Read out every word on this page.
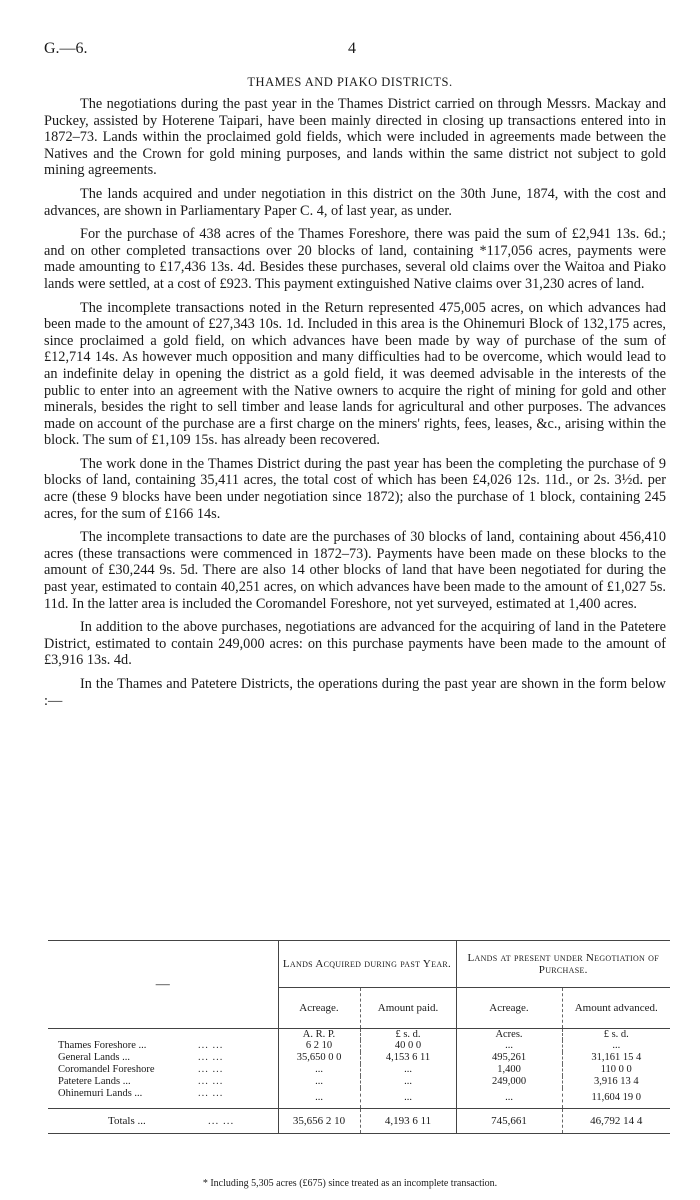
G.—6.	4
THAMES AND PIAKO DISTRICTS.

The negotiations during the past year in the Thames District carried on through Messrs. Mackay and Puckey, assisted by Hoterene Taipari, have been mainly directed in closing up transactions entered into in 1872–73. Lands within the proclaimed gold fields, which were included in agreements made between the Natives and the Crown for gold mining purposes, and lands within the same district not subject to gold mining agreements.

The lands acquired and under negotiation in this district on the 30th June, 1874, with the cost and advances, are shown in Parliamentary Paper C. 4, of last year, as under.

For the purchase of 438 acres of the Thames Foreshore, there was paid the sum of £2,941 13s. 6d.; and on other completed transactions over 20 blocks of land, containing *117,056 acres, payments were made amounting to £17,436 13s. 4d. Besides these purchases, several old claims over the Waitoa and Piako lands were settled, at a cost of £923. This payment extinguished Native claims over 31,230 acres of land.

The incomplete transactions noted in the Return represented 475,005 acres, on which advances had been made to the amount of £27,343 10s. 1d. Included in this area is the Ohinemuri Block of 132,175 acres, since proclaimed a gold field, on which advances have been made by way of purchase of the sum of £12,714 14s. As however much opposition and many difficulties had to be overcome, which would lead to an indefinite delay in opening the district as a gold field, it was deemed advisable in the interests of the public to enter into an agreement with the Native owners to acquire the right of mining for gold and other minerals, besides the right to sell timber and lease lands for agricultural and other purposes. The advances made on account of the purchase are a first charge on the miners' rights, fees, leases, &c., arising within the block. The sum of £1,109 15s. has already been recovered.

The work done in the Thames District during the past year has been the completing the purchase of 9 blocks of land, containing 35,411 acres, the total cost of which has been £4,026 12s. 11d., or 2s. 3½d. per acre (these 9 blocks have been under negotiation since 1872); also the purchase of 1 block, containing 245 acres, for the sum of £166 14s.

The incomplete transactions to date are the purchases of 30 blocks of land, containing about 456,410 acres (these transactions were commenced in 1872–73). Payments have been made on these blocks to the amount of £30,244 9s. 5d. There are also 14 other blocks of land that have been negotiated for during the past year, estimated to contain 40,251 acres, on which advances have been made to the amount of £1,027 5s. 11d. In the latter area is included the Coromandel Foreshore, not yet surveyed, estimated at 1,400 acres.

In addition to the above purchases, negotiations are advanced for the acquiring of land in the Patetere District, estimated to contain 249,000 acres: on this purchase payments have been made to the amount of £3,916 13s. 4d.

In the Thames and Patetere Districts, the operations during the past year are shown in the form below :—

—	Lands Acquired during past Year.		Lands at present under Negotiation of Purchase.	
	Acreage.	Amount paid.	Acreage.	Amount advanced.
	A. R. P.	£ s. d.	Acres.	£ s. d.
Thames Foreshore ... ... ...	6 2 10	40 0 0	...	...
General Lands ... ... ...	35,650 0 0	4,153 6 11	495,261	31,161 15 4
Coromandel Foreshore ... ...	...	...	1,400	110 0 0
Patetere Lands ... ... ...	...	...	249,000	3,916 13 4
Ohinemuri Lands ... ... ...	...	...	...	11,604 19 0
Totals ... ... ...	35,656 2 10	4,193 6 11	745,661	46,792 14 4
* Including 5,305 acres (£675) since treated as an incomplete transaction.
